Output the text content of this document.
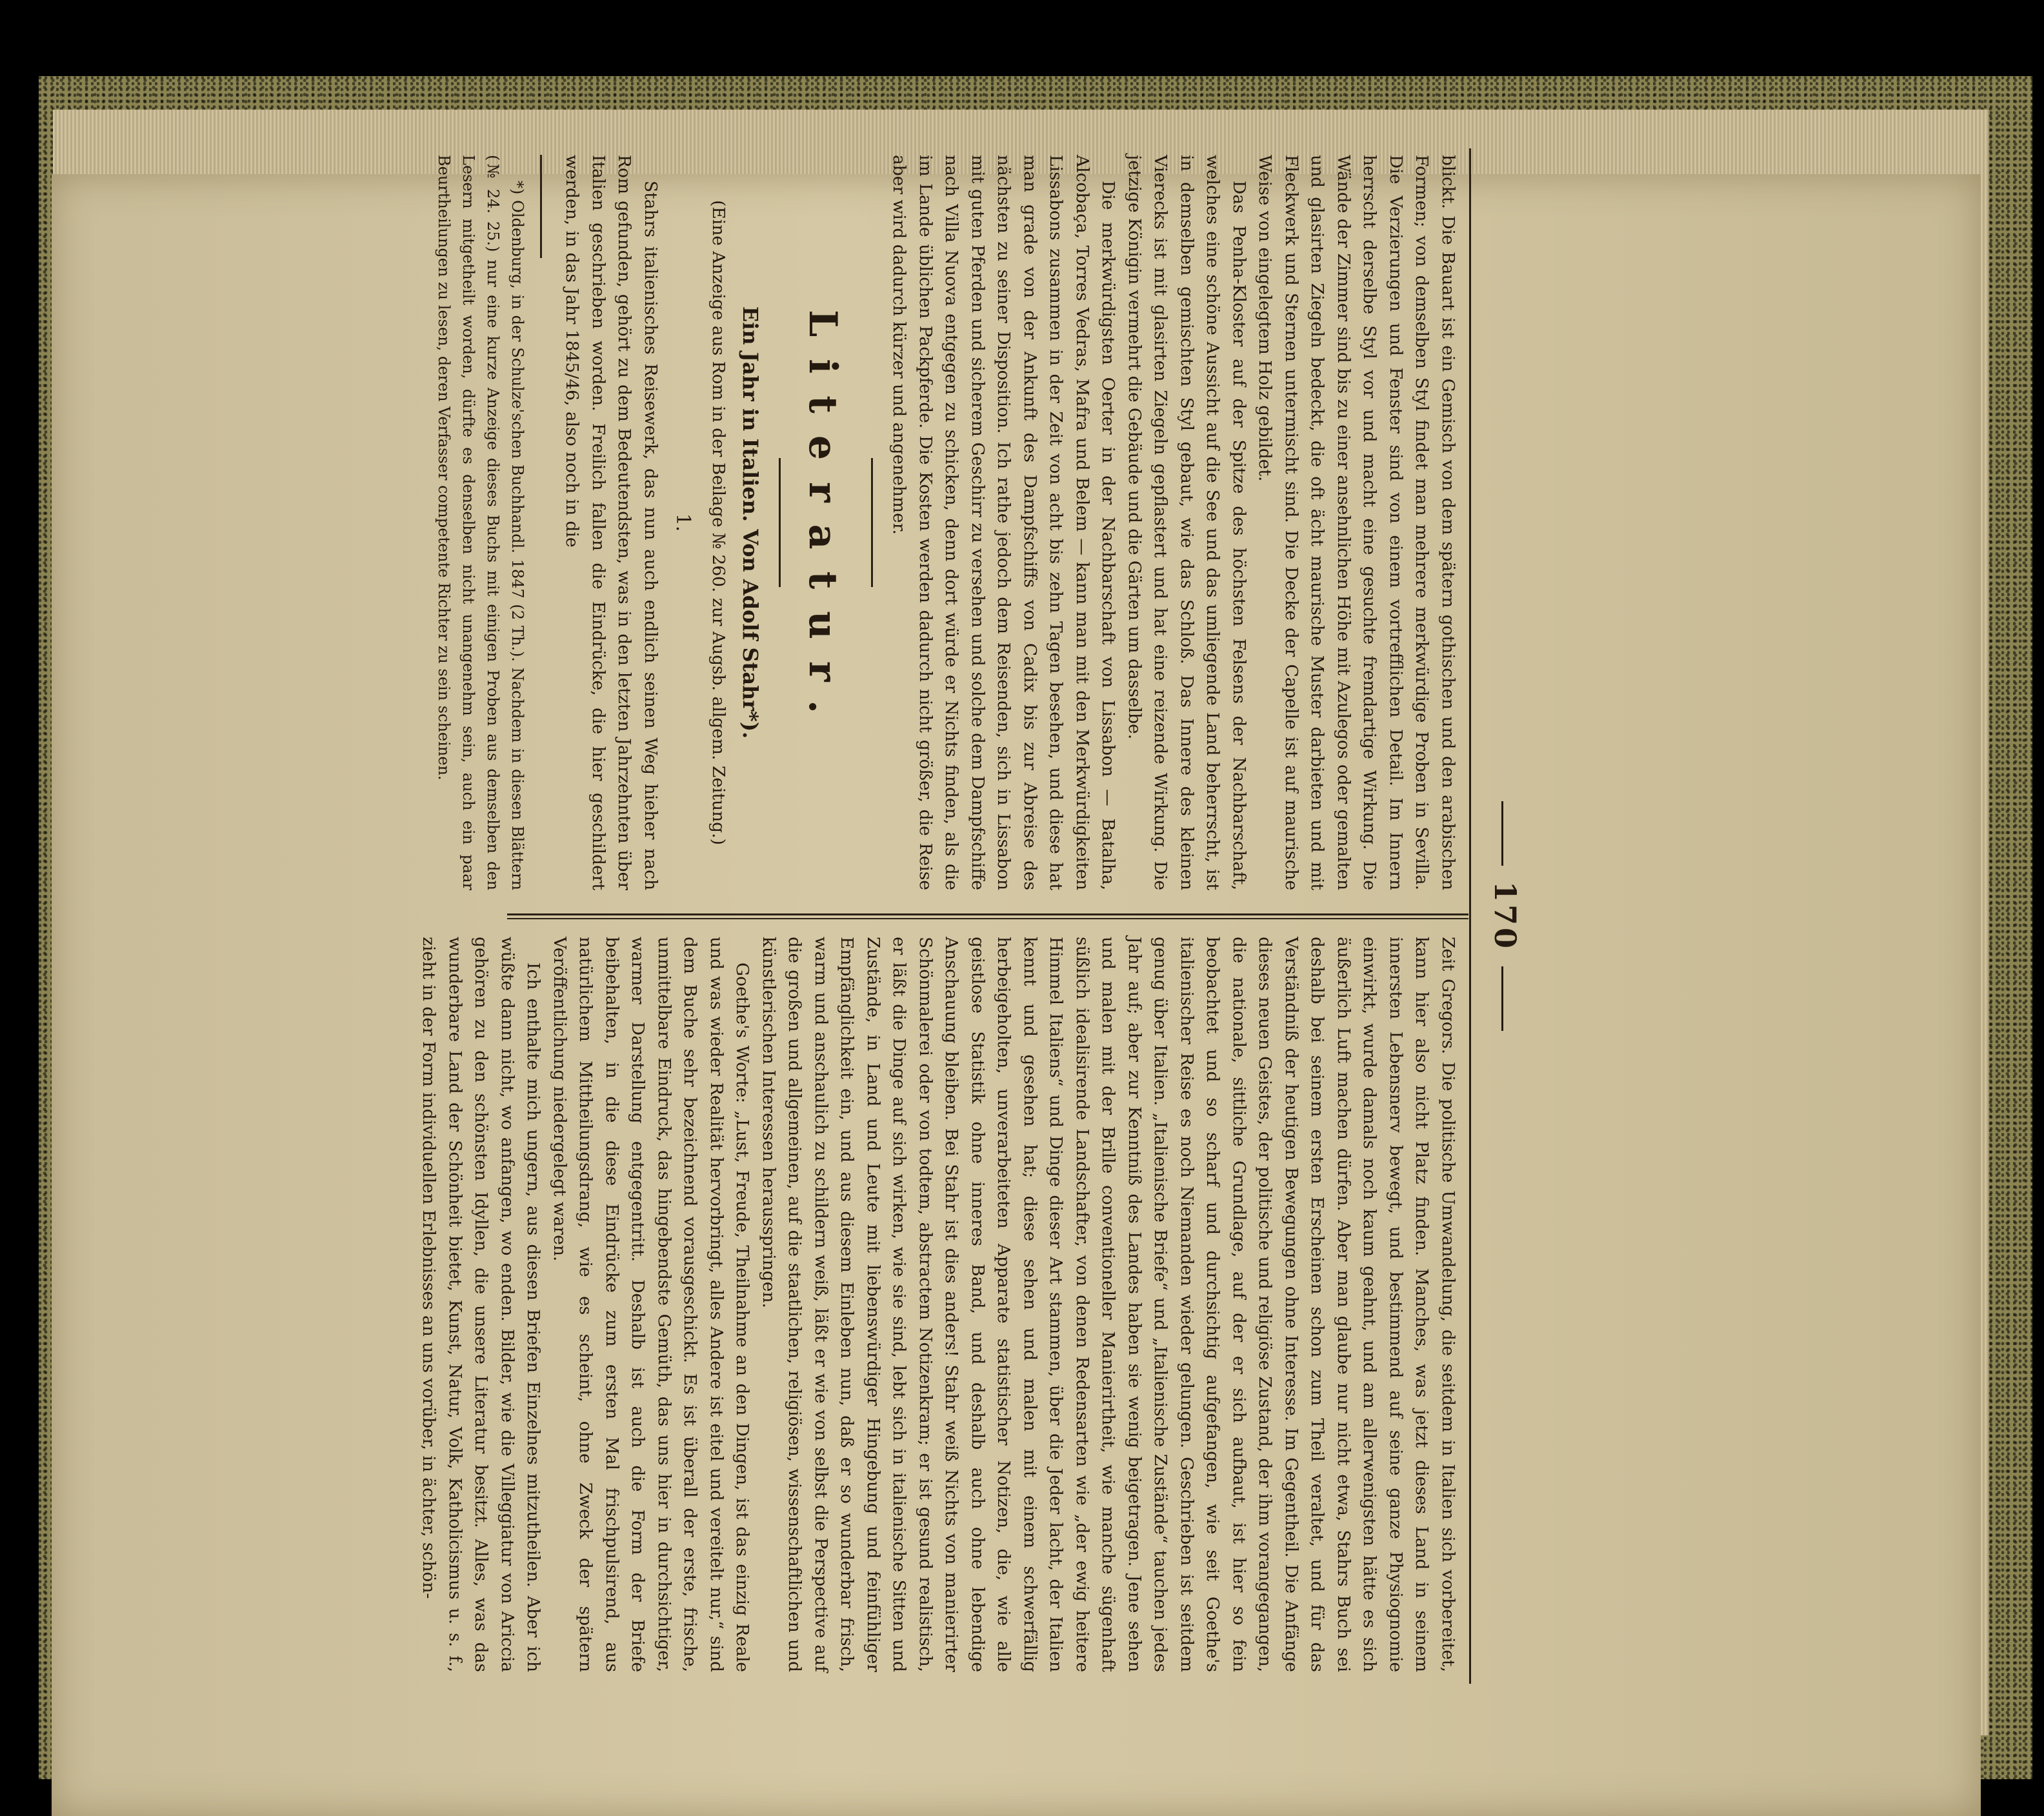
170

blickt. Die Bauart ist ein Gemisch von dem spätern gothischen und den arabischen Formen; von demselben Styl findet man mehrere merkwürdige Proben in Sevilla. Die Verzierungen und Fenster sind von einem vortrefflichen Detail. Im Innern herrscht derselbe Styl vor und macht eine gesuchte fremdartige Wirkung. Die Wände der Zimmer sind bis zu einer ansehnlichen Höhe mit Azulegos oder gemalten und glasirten Ziegeln bedeckt, die oft ächt maurische Muster darbieten und mit Fleckwerk und Sternen untermischt sind. Die Decke der Capelle ist auf maurische Weise von eingelegtem Holz gebildet.

Das Penha-Kloster auf der Spitze des höchsten Felsens der Nachbarschaft, welches eine schöne Aussicht auf die See und das umliegende Land beherrscht, ist in demselben gemischten Styl gebaut, wie das Schloß. Das Innere des kleinen Vierecks ist mit glasirten Ziegeln gepflastert und hat eine reizende Wirkung. Die jetzige Königin vermehrt die Gebäude und die Gärten um dasselbe.

Die merkwürdigsten Oerter in der Nachbarschaft von Lissabon — Batalha, Alcobaça, Torres Vedras, Mafra und Belem — kann man mit den Merkwürdigkeiten Lissabons zusammen in der Zeit von acht bis zehn Tagen besehen, und diese hat man grade von der Ankunft des Dampfschiffs von Cadix bis zur Abreise des nächsten zu seiner Disposition. Ich rathe jedoch dem Reisenden, sich in Lissabon mit guten Pferden und sicherem Geschirr zu versehen und solche dem Dampfschiffe nach Villa Nuova entgegen zu schicken, denn dort würde er Nichts finden, als die im Lande üblichen Packpferde. Die Kosten werden dadurch nicht größer, die Reise aber wird dadurch kürzer und angenehmer.

Literatur.
Ein Jahr in Italien. Von Adolf Stahr*).

(Eine Anzeige aus Rom in der Beilage № 260. zur Augsb. allgem. Zeitung.)

1.

Stahrs italienisches Reisewerk, das nun auch endlich seinen Weg hieher nach Rom gefunden, gehört zu dem Bedeutendsten, was in den letzten Jahrzehnten über Italien geschrieben worden. Freilich fallen die Eindrücke, die hier geschildert werden, in das Jahr 1845/46, also noch in die

*) Oldenburg, in der Schulze'schen Buchhandl. 1847 (2 Th.). Nachdem in diesen Blättern (№ 24. 25.) nur eine kurze Anzeige dieses Buchs mit einigen Proben aus demselben den Lesern mitgetheilt worden, dürfte es denselben nicht unangenehm sein, auch ein paar Beurtheilungen zu lesen, deren Verfasser competente Richter zu sein scheinen.

Zeit Gregors. Die politische Umwandelung, die seitdem in Italien sich vorbereitet, kann hier also nicht Platz finden. Manches, was jetzt dieses Land in seinem innersten Lebensnerv bewegt, und bestimmend auf seine ganze Physiognomie einwirkt, wurde damals noch kaum geahnt, und am allerwenigsten hätte es sich äußerlich Luft machen dürfen. Aber man glaube nur nicht etwa, Stahrs Buch sei deshalb bei seinem ersten Erscheinen schon zum Theil veraltet, und für das Verständniß der heutigen Bewegungen ohne Interesse. Im Gegentheil. Die Anfänge dieses neuen Geistes, der politische und religiöse Zustand, der ihm vorangegangen, die nationale, sittliche Grundlage, auf der er sich aufbaut, ist hier so fein beobachtet und so scharf und durchsichtig aufgefangen, wie seit Goethe's italienischer Reise es noch Niemanden wieder gelungen. Geschrieben ist seitdem genug über Italien. „Italienische Briefe“ und „Italienische Zustände“ tauchen jedes Jahr auf; aber zur Kenntniß des Landes haben sie wenig beigetragen. Jene sehen und malen mit der Brille conventioneller Manierirtheit, wie manche sügenhaft süßlich idealisirende Landschafter, von denen Redensarten wie „der ewig heitere Himmel Italiens“ und Dinge dieser Art stammen, über die Jeder lacht, der Italien kennt und gesehen hat; diese sehen und malen mit einem schwerfällig herbeigeholten, unverarbeiteten Apparate statistischer Notizen, die, wie alle geistlose Statistik ohne inneres Band, und deshalb auch ohne lebendige Anschauung bleiben. Bei Stahr ist dies anders! Stahr weiß Nichts von manierirter Schönmalerei oder von todtem, abstractem Notizenkram; er ist gesund realistisch, er läßt die Dinge auf sich wirken, wie sie sind, lebt sich in italienische Sitten und Zustände, in Land und Leute mit liebenswürdiger Hingebung und feinfühliger Empfänglichkeit ein, und aus diesem Einleben nun, daß er so wunderbar frisch, warm und anschaulich zu schildern weiß, läßt er wie von selbst die Perspective auf die großen und allgemeinen, auf die staatlichen, religiösen, wissenschaftlichen und künstlerischen Interessen herausspringen.

Goethe's Worte: „Lust, Freude, Theilnahme an den Dingen, ist das einzig Reale und was wieder Realität hervorbringt, alles Andere ist eitel und vereitelt nur,“ sind dem Buche sehr bezeichnend vorausgeschickt. Es ist überall der erste, frische, unmittelbare Eindruck, das hingebendste Gemüth, das uns hier in durchsichtiger, warmer Darstellung entgegentritt. Deshalb ist auch die Form der Briefe beibehalten, in die diese Eindrücke zum ersten Mal frischpulsirend, aus natürlichem Mittheilungsdrang, wie es scheint, ohne Zweck der spätern Veröffentlichung niedergelegt waren.

Ich enthalte mich ungern, aus diesen Briefen Einzelnes mitzutheilen. Aber ich wüßte dann nicht, wo anfangen, wo enden. Bilder, wie die Villeggiatur von Ariccia gehören zu den schönsten Idyllen, die unsere Literatur besitzt. Alles, was das wunderbare Land der Schönheit bietet, Kunst, Natur, Volk, Katholicismus u. s. f., zieht in der Form individuellen Erlebnisses an uns vorüber, in ächter, schön-
